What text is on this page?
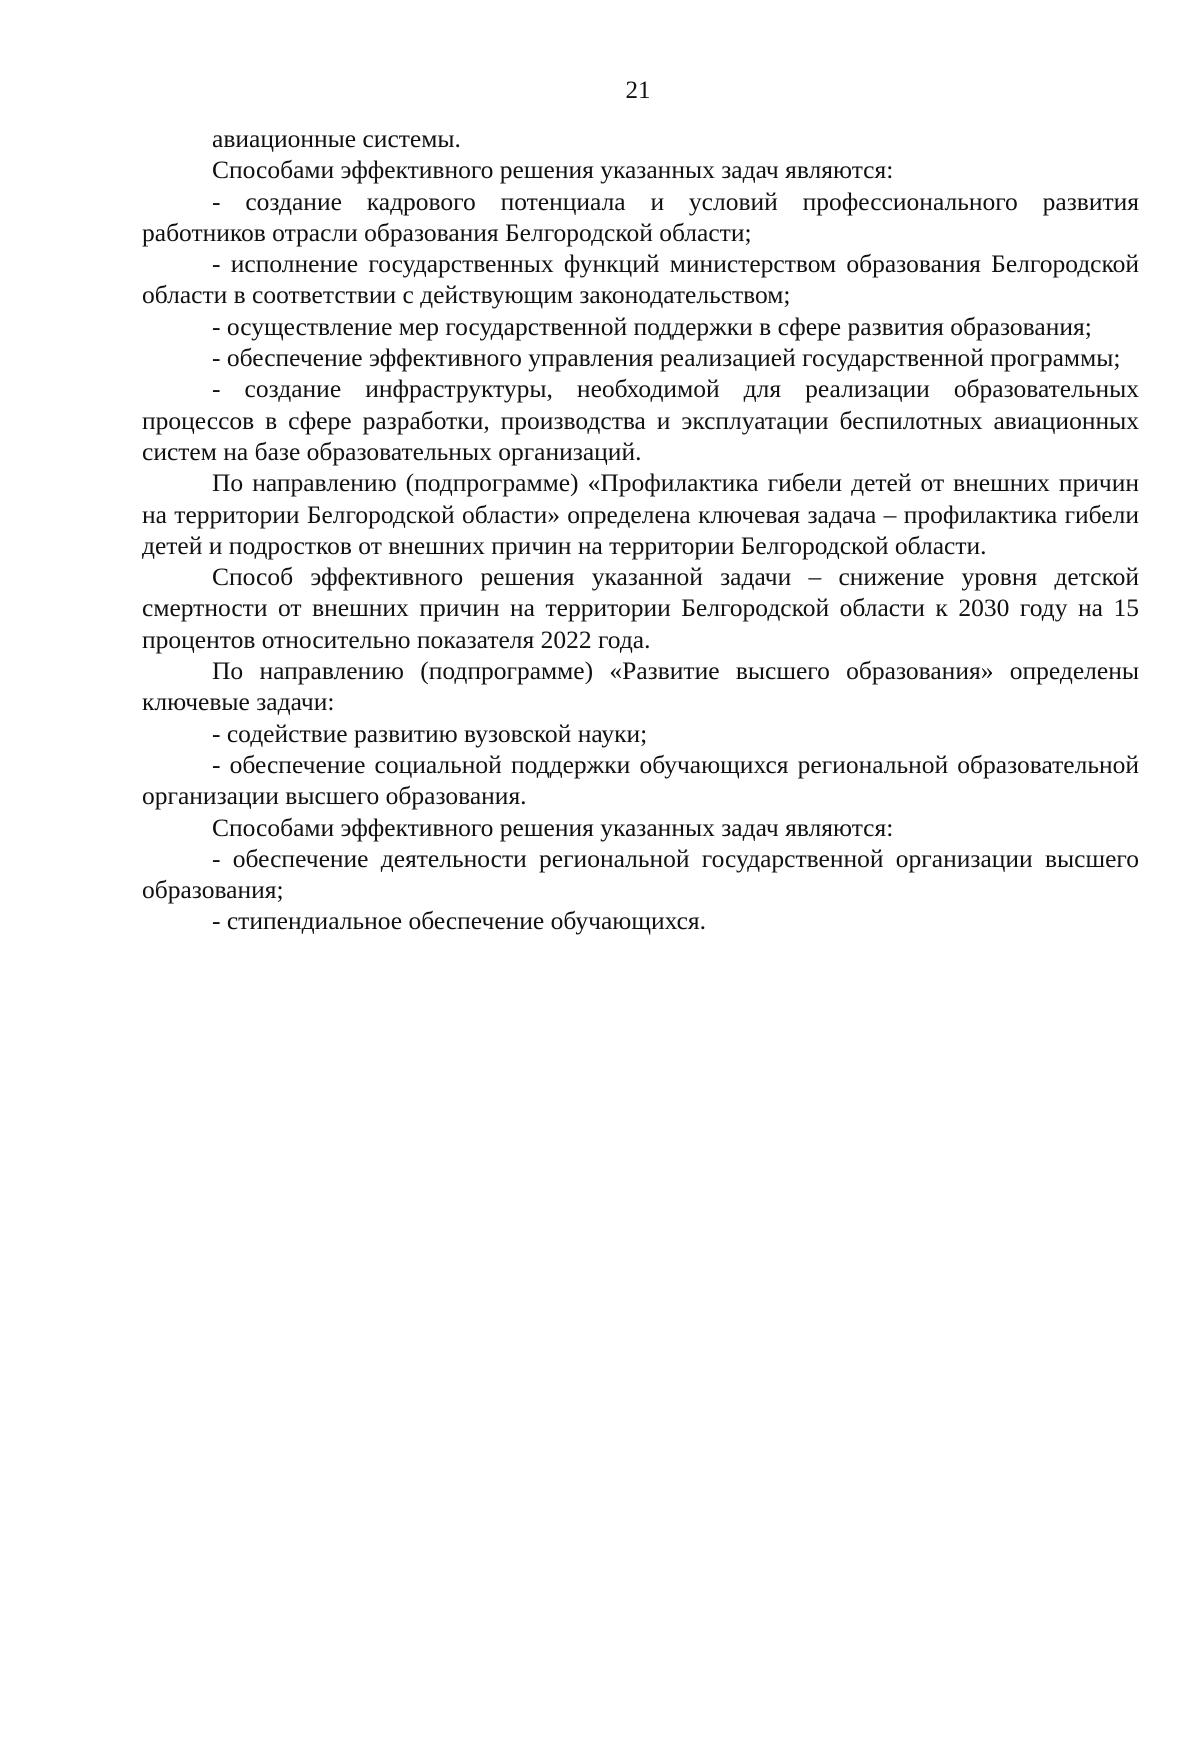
21

авиационные системы.

Способами эффективного решения указанных задач являются:

- создание кадрового потенциала и условий профессионального развития работников отрасли образования Белгородской области;

- исполнение государственных функций министерством образования Белгородской области в соответствии с действующим законодательством;

- осуществление мер государственной поддержки в сфере развития образования;

- обеспечение эффективного управления реализацией государственной программы;

- создание инфраструктуры, необходимой для реализации образовательных процессов в сфере разработки, производства и эксплуатации беспилотных авиационных систем на базе образовательных организаций.

По направлению (подпрограмме) «Профилактика гибели детей от внешних причин на территории Белгородской области» определена ключевая задача – профилактика гибели детей и подростков от внешних причин на территории Белгородской области.

Способ эффективного решения указанной задачи – снижение уровня детской смертности от внешних причин на территории Белгородской области к 2030 году на 15 процентов относительно показателя 2022 года.

По направлению (подпрограмме) «Развитие высшего образования» определены ключевые задачи:

- содействие развитию вузовской науки;

- обеспечение социальной поддержки обучающихся региональной образовательной организации высшего образования.

Способами эффективного решения указанных задач являются:

- обеспечение деятельности региональной государственной организации высшего образования;

- стипендиальное обеспечение обучающихся.
